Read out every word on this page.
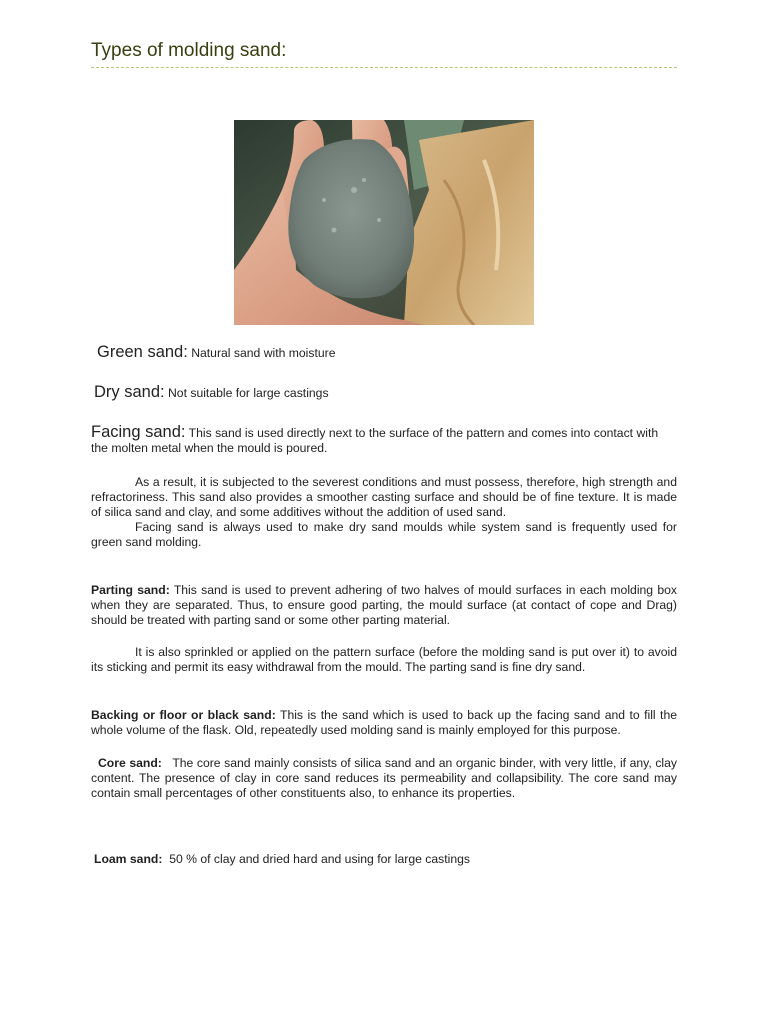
Types of molding sand:
Green sand: Natural sand with moisture
Dry sand: Not suitable for large castings
Facing sand: This sand is used directly next to the surface of the pattern and comes into contact with the molten metal when the mould is poured.
As a result, it is subjected to the severest conditions and must possess, therefore, high strength and refractoriness. This sand also provides a smoother casting surface and should be of fine texture. It is made of silica sand and clay, and some additives without the addition of used sand.
Facing sand is always used to make dry sand moulds while system sand is frequently used for green sand molding.
Parting sand: This sand is used to prevent adhering of two halves of mould surfaces in each molding box when they are separated. Thus, to ensure good parting, the mould surface (at contact of cope and Drag) should be treated with parting sand or some other parting material.
It is also sprinkled or applied on the pattern surface (before the molding sand is put over it) to avoid its sticking and permit its easy withdrawal from the mould. The parting sand is fine dry sand.
Backing or floor or black sand: This is the sand which is used to back up the facing sand and to fill the whole volume of the flask. Old, repeatedly used molding sand is mainly employed for this purpose.
Core sand: The core sand mainly consists of silica sand and an organic binder, with very little, if any, clay content. The presence of clay in core sand reduces its permeability and collapsibility. The core sand may contain small percentages of other constituents also, to enhance its properties.
Loam sand: 50 % of clay and dried hard and using for large castings
